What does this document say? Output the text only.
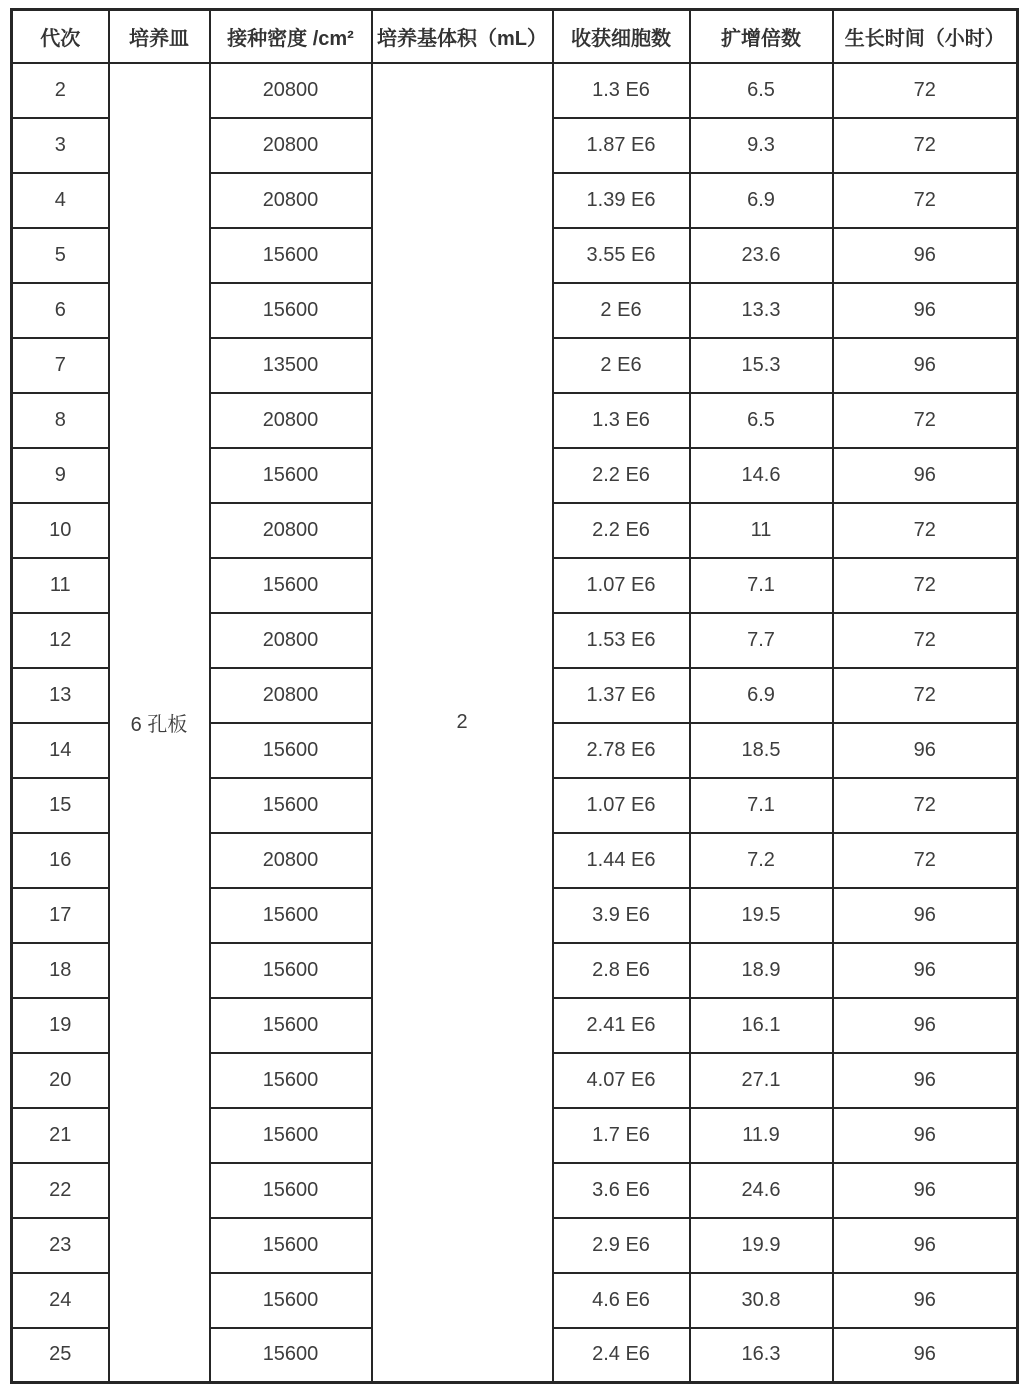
代次	培养皿	接种密度 /cm²	培养基体积（mL）	收获细胞数	扩增倍数	生长时间（小时）
2	6 孔板	20800	2	1.3 E6	6.5	72
3		20800		1.87 E6	9.3	72
4		20800		1.39 E6	6.9	72
5		15600		3.55 E6	23.6	96
6		15600		2 E6	13.3	96
7		13500		2 E6	15.3	96
8		20800		1.3 E6	6.5	72
9		15600		2.2 E6	14.6	96
10		20800		2.2 E6	11	72
11		15600		1.07 E6	7.1	72
12		20800		1.53 E6	7.7	72
13		20800		1.37 E6	6.9	72
14		15600		2.78 E6	18.5	96
15		15600		1.07 E6	7.1	72
16		20800		1.44 E6	7.2	72
17		15600		3.9 E6	19.5	96
18		15600		2.8 E6	18.9	96
19		15600		2.41 E6	16.1	96
20		15600		4.07 E6	27.1	96
21		15600		1.7 E6	11.9	96
22		15600		3.6 E6	24.6	96
23		15600		2.9 E6	19.9	96
24		15600		4.6 E6	30.8	96
25		15600		2.4 E6	16.3	96
